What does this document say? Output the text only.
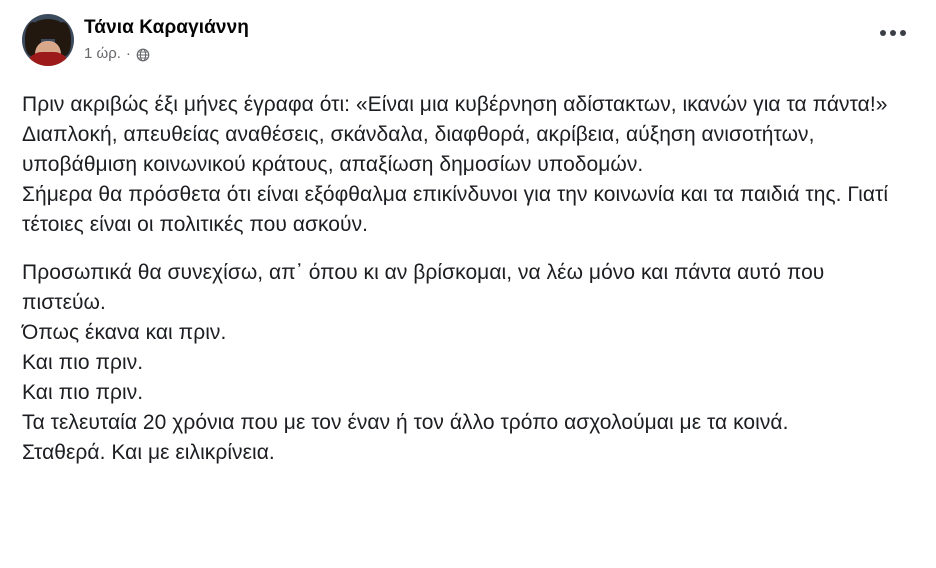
Τάνια Καραγιάννη
1 ώρ. ·

Πριν ακριβώς έξι μήνες έγραφα ότι: «Είναι μια κυβέρνηση αδίστακτων, ικανών για τα πάντα!»

Διαπλοκή, απευθείας αναθέσεις, σκάνδαλα, διαφθορά, ακρίβεια, αύξηση ανισοτήτων, υποβάθμιση κοινωνικού κράτους, απαξίωση δημοσίων υποδομών.

Σήμερα θα πρόσθετα ότι είναι εξόφθαλμα επικίνδυνοι για την κοινωνία και τα παιδιά της. Γιατί τέτοιες είναι οι πολιτικές που ασκούν.

Προσωπικά θα συνεχίσω, απ᾽ όπου κι αν βρίσκομαι, να λέω μόνο και πάντα αυτό που πιστεύω.

Όπως έκανα και πριν.

Και πιο πριν.

Και πιο πριν.

Τα τελευταία 20 χρόνια που με τον έναν ή τον άλλο τρόπο ασχολούμαι με τα κοινά.

Σταθερά. Και με ειλικρίνεια.
